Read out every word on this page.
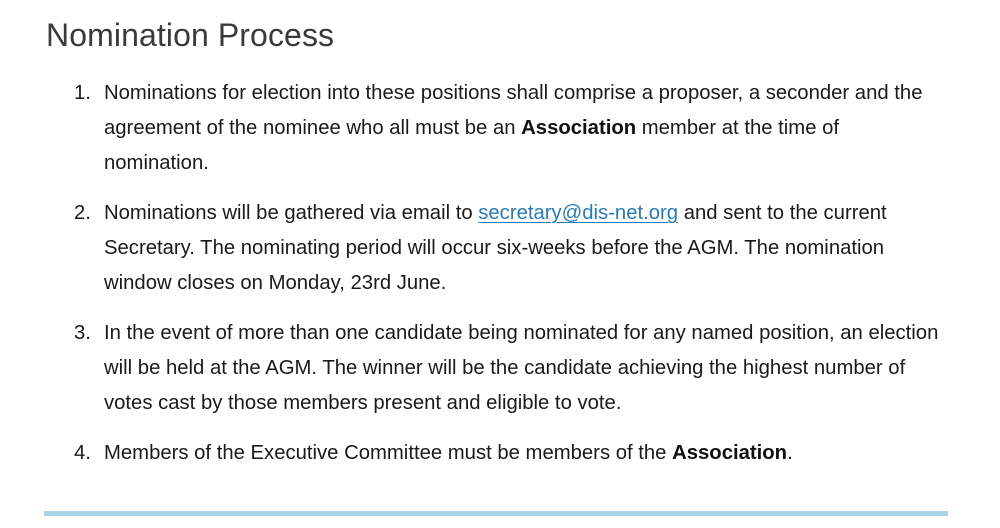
Nomination Process
1. Nominations for election into these positions shall comprise a proposer, a seconder and the agreement of the nominee who all must be an Association member at the time of nomination.
2. Nominations will be gathered via email to secretary@dis-net.org and sent to the current Secretary. The nominating period will occur six-weeks before the AGM. The nomination window closes on Monday, 23rd June.
3. In the event of more than one candidate being nominated for any named position, an election will be held at the AGM. The winner will be the candidate achieving the highest number of votes cast by those members present and eligible to vote.
4. Members of the Executive Committee must be members of the Association.
